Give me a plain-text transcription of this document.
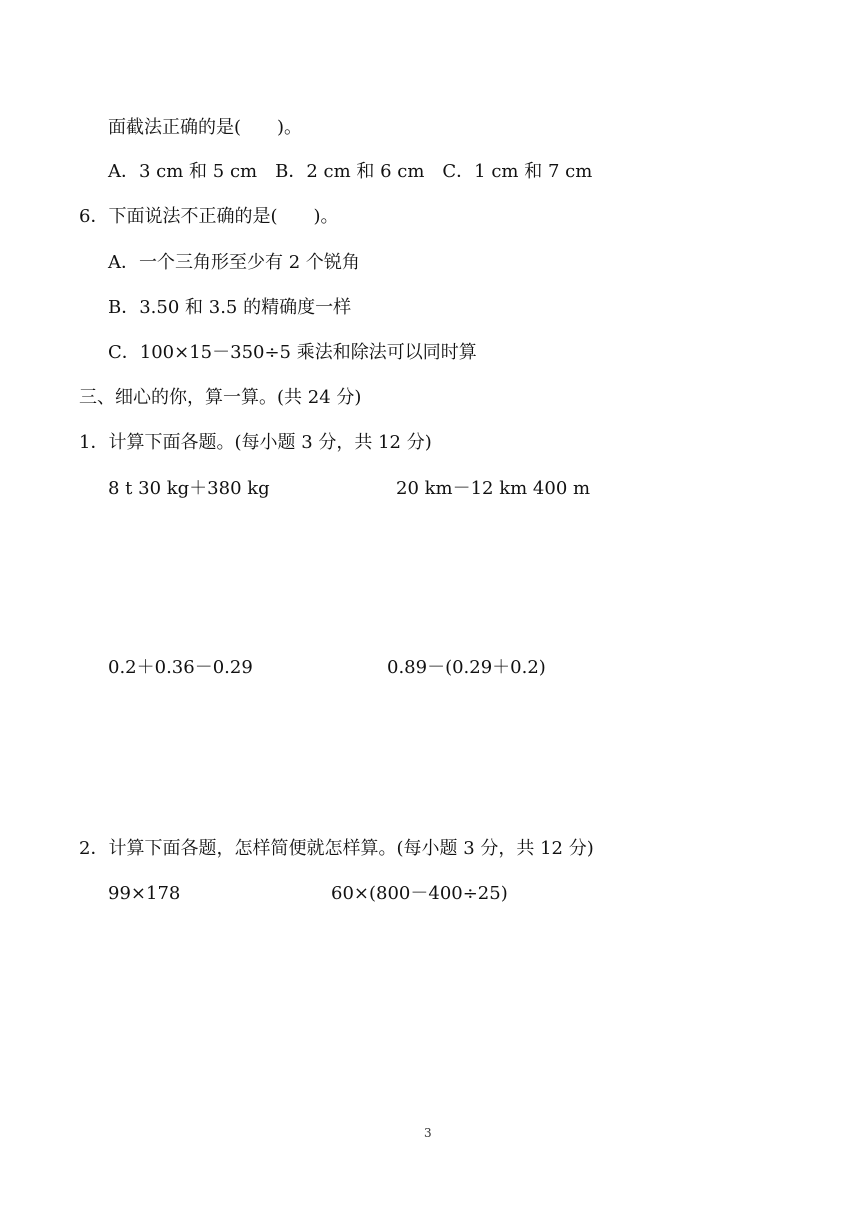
面截法正确的是(　　)。
A．3 cm 和 5 cm　B．2 cm 和 6 cm　C．1 cm 和 7 cm
6．下面说法不正确的是(　　)。
A．一个三角形至少有 2 个锐角
B．3.50 和 3.5 的精确度一样
C．100×15－350÷5 乘法和除法可以同时算
三、细心的你，算一算。(共 24 分)
1．计算下面各题。(每小题 3 分，共 12 分)
8 t 30 kg＋380 kg	20 km－12 km 400 m
0.2＋0.36－0.29	0.89－(0.29＋0.2)
2．计算下面各题，怎样简便就怎样算。(每小题 3 分，共 12 分)
99×178	60×(800－400÷25)
3
